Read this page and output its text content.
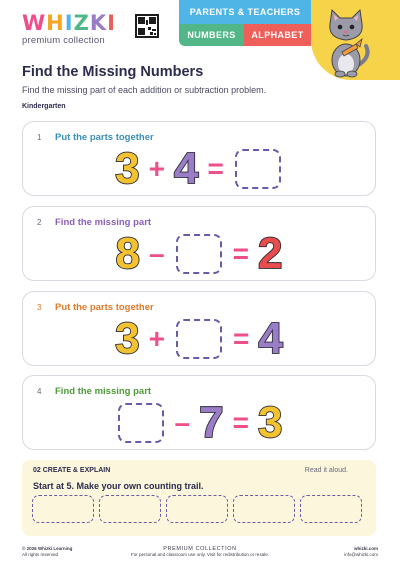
W H I Z K I
premium collection
PARENTS & TEACHERS
NUMBERS	ALPHABET
Find the Missing Numbers
Find the missing part of each addition or subtraction problem.
Kindergarten
1	Put the parts together
3 + 4 =
2	Find the missing part
8 – = 2
3	Put the parts together
3 + = 4
4	Find the missing part
– 7 = 3
02 CREATE & EXPLAIN	Read it aloud.
Start at 5. Make your own counting trail.
© 2026 Whizki Learning
All rights reserved
PREMIUM COLLECTION
For personal and classroom use only. Visit for redistribution or resale.
whizki.com
info@whizki.com
